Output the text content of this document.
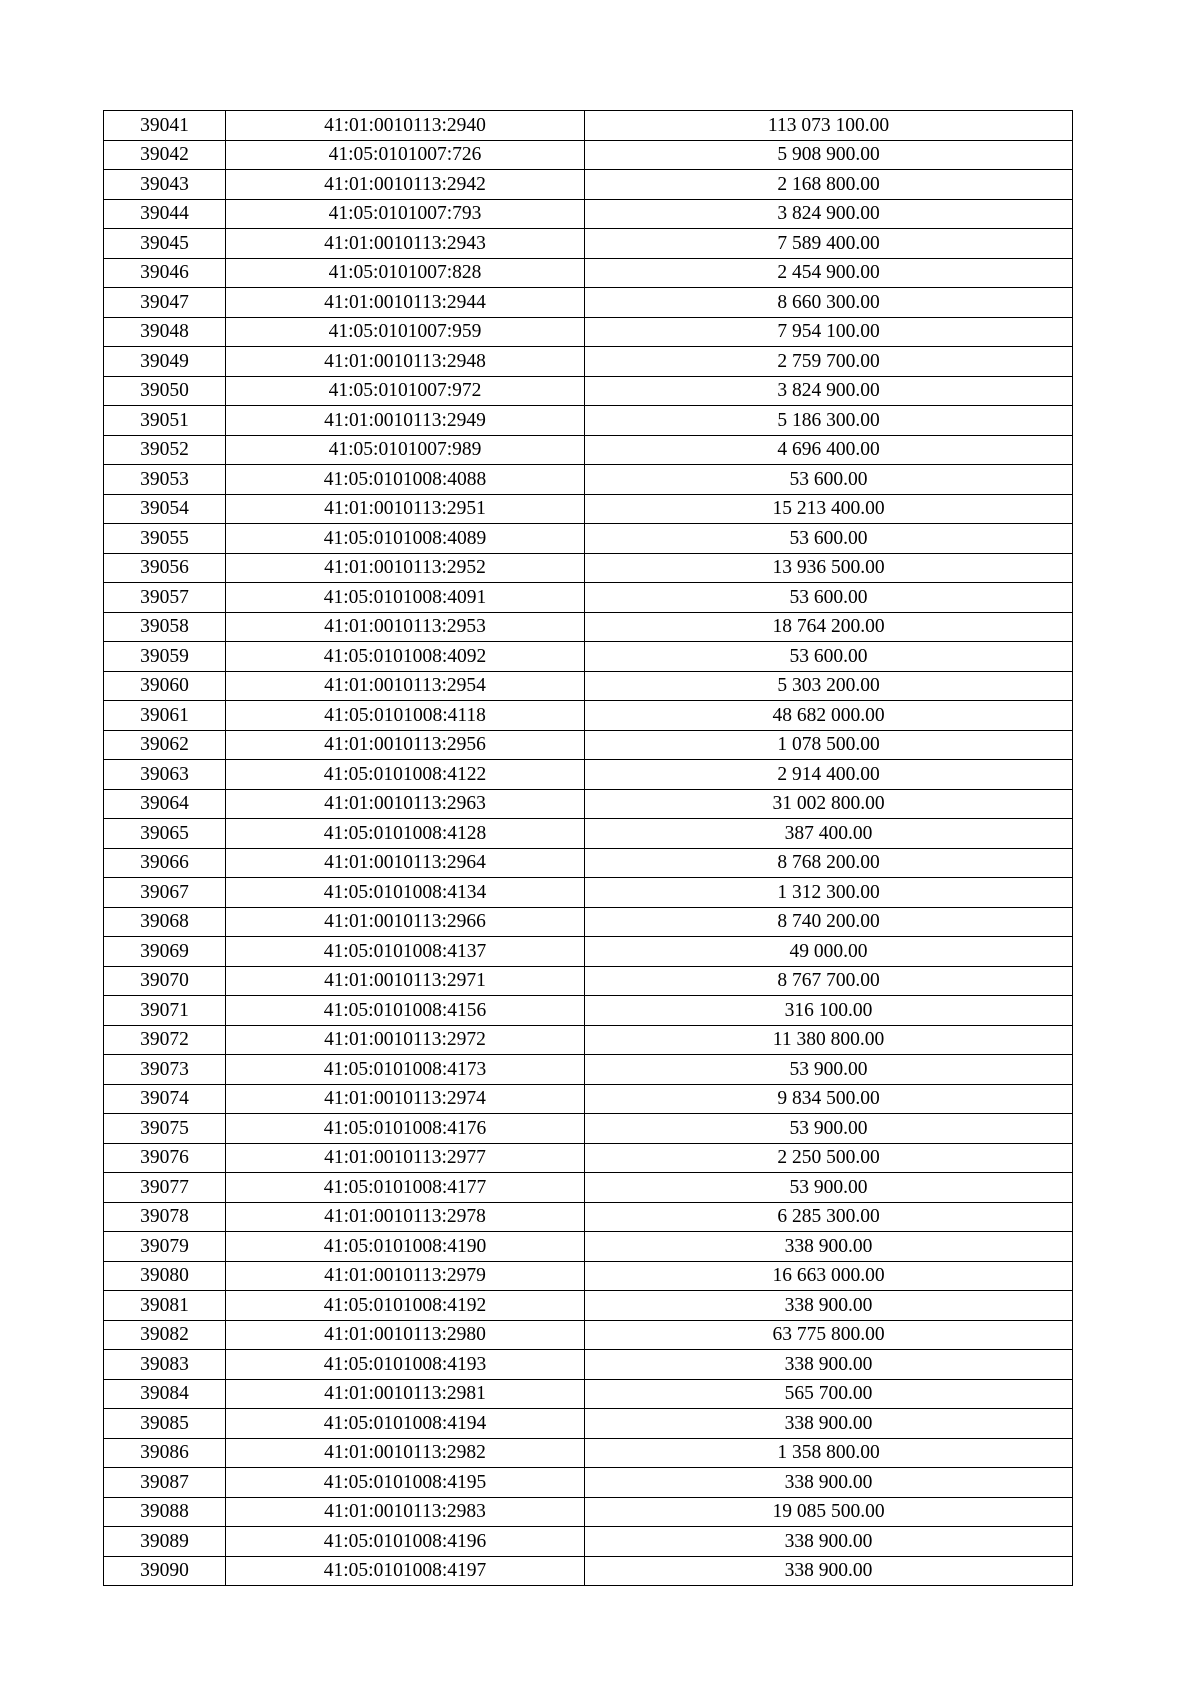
39041	41:01:0010113:2940	113 073 100.00
39042	41:05:0101007:726	5 908 900.00
39043	41:01:0010113:2942	2 168 800.00
39044	41:05:0101007:793	3 824 900.00
39045	41:01:0010113:2943	7 589 400.00
39046	41:05:0101007:828	2 454 900.00
39047	41:01:0010113:2944	8 660 300.00
39048	41:05:0101007:959	7 954 100.00
39049	41:01:0010113:2948	2 759 700.00
39050	41:05:0101007:972	3 824 900.00
39051	41:01:0010113:2949	5 186 300.00
39052	41:05:0101007:989	4 696 400.00
39053	41:05:0101008:4088	53 600.00
39054	41:01:0010113:2951	15 213 400.00
39055	41:05:0101008:4089	53 600.00
39056	41:01:0010113:2952	13 936 500.00
39057	41:05:0101008:4091	53 600.00
39058	41:01:0010113:2953	18 764 200.00
39059	41:05:0101008:4092	53 600.00
39060	41:01:0010113:2954	5 303 200.00
39061	41:05:0101008:4118	48 682 000.00
39062	41:01:0010113:2956	1 078 500.00
39063	41:05:0101008:4122	2 914 400.00
39064	41:01:0010113:2963	31 002 800.00
39065	41:05:0101008:4128	387 400.00
39066	41:01:0010113:2964	8 768 200.00
39067	41:05:0101008:4134	1 312 300.00
39068	41:01:0010113:2966	8 740 200.00
39069	41:05:0101008:4137	49 000.00
39070	41:01:0010113:2971	8 767 700.00
39071	41:05:0101008:4156	316 100.00
39072	41:01:0010113:2972	11 380 800.00
39073	41:05:0101008:4173	53 900.00
39074	41:01:0010113:2974	9 834 500.00
39075	41:05:0101008:4176	53 900.00
39076	41:01:0010113:2977	2 250 500.00
39077	41:05:0101008:4177	53 900.00
39078	41:01:0010113:2978	6 285 300.00
39079	41:05:0101008:4190	338 900.00
39080	41:01:0010113:2979	16 663 000.00
39081	41:05:0101008:4192	338 900.00
39082	41:01:0010113:2980	63 775 800.00
39083	41:05:0101008:4193	338 900.00
39084	41:01:0010113:2981	565 700.00
39085	41:05:0101008:4194	338 900.00
39086	41:01:0010113:2982	1 358 800.00
39087	41:05:0101008:4195	338 900.00
39088	41:01:0010113:2983	19 085 500.00
39089	41:05:0101008:4196	338 900.00
39090	41:05:0101008:4197	338 900.00
